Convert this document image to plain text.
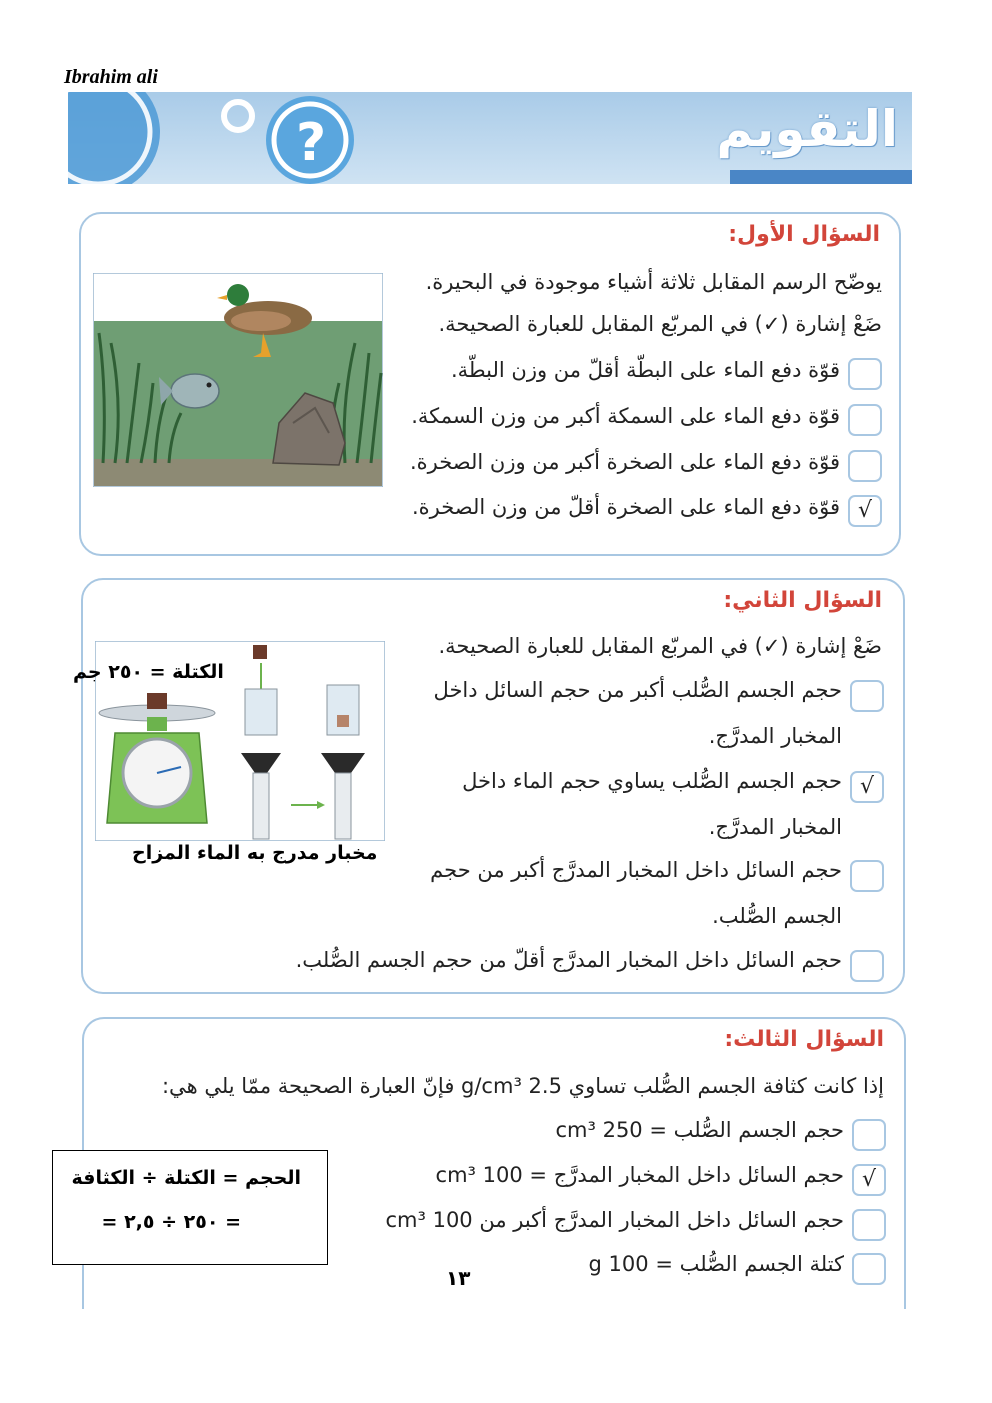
Ibrahim ali
?	التقويم
السؤال الأول:
يوضّح الرسم المقابل ثلاثة أشياء موجودة في البحيرة.
ضَعْ إشارة (✓) في المربّع المقابل للعبارة الصحيحة.
قوّة دفع الماء على البطّة أقلّ من وزن البطّة.
قوّة دفع الماء على السمكة أكبر من وزن السمكة.
قوّة دفع الماء على الصخرة أكبر من وزن الصخرة.
√
قوّة دفع الماء على الصخرة أقلّ من وزن الصخرة.
السؤال الثاني:
ضَعْ إشارة (✓) في المربّع المقابل للعبارة الصحيحة.
حجم الجسم الصُّلب أكبر من حجم السائل داخل
المخبار المدرَّج.
√
حجم الجسم الصُّلب يساوي حجم الماء داخل
المخبار المدرَّج.
حجم السائل داخل المخبار المدرَّج أكبر من حجم
الجسم الصُّلب.
حجم السائل داخل المخبار المدرَّج أقلّ من حجم الجسم الصُّلب.
الكتلة = ٢٥٠ جم
مخبار مدرج به الماء المزاح
السؤال الثالث:
إذا كانت كثافة الجسم الصُّلب تساوي 2.5 g/cm³ فإنّ العبارة الصحيحة ممّا يلي هي:
حجم الجسم الصُّلب = 250 cm³
√
حجم السائل داخل المخبار المدرَّج = 100 cm³
حجم السائل داخل المخبار المدرَّج أكبر من 100 cm³
كتلة الجسم الصُّلب = 100 g
الحجم = الكتلة ÷ الكثافة
= ٢٥٠ ÷ ٢,٥ =
١٣
